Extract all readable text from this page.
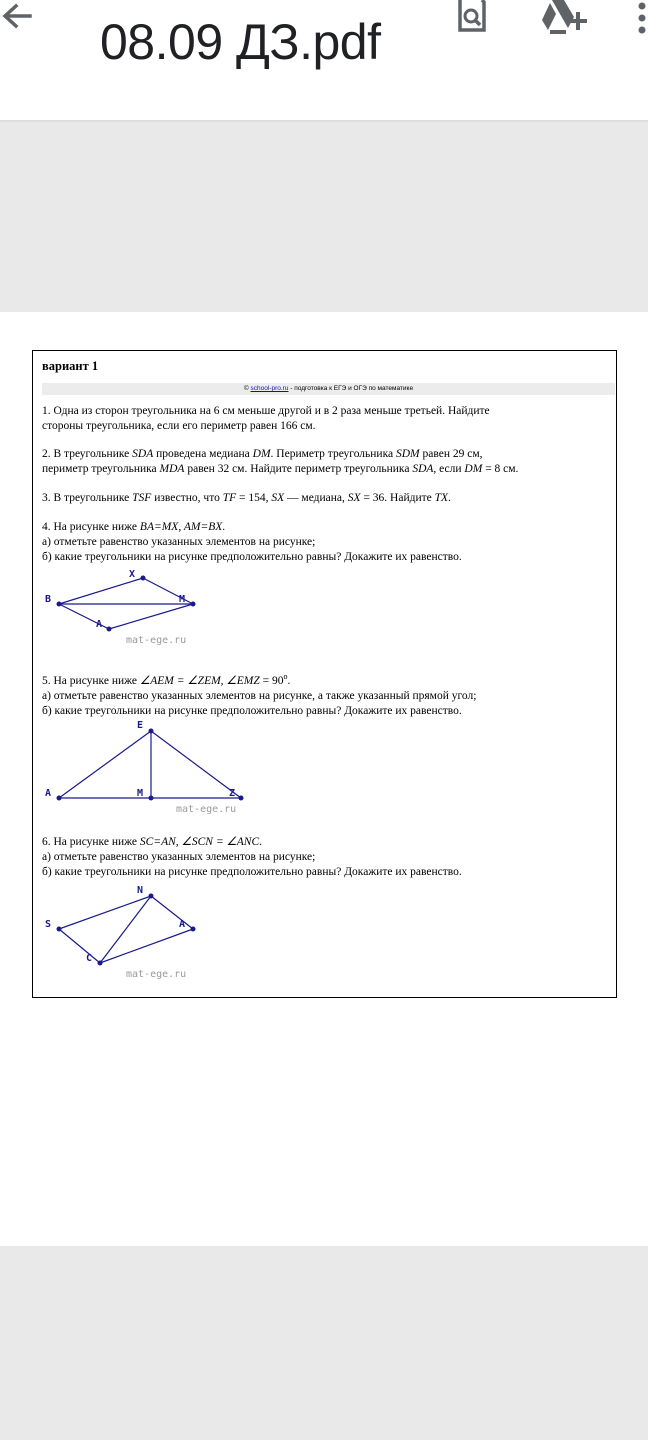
08.09 ДЗ.pdf
вариант 1
© school-pro.ru - подготовка к ЕГЭ и ОГЭ по математике
1. Одна из сторон треугольника на 6 см меньше другой и в 2 раза меньше третьей. Найдите
стороны треугольника, если его периметр равен 166 см.
2. В треугольнике SDA проведена медиана DM. Периметр треугольника SDM равен 29 см,
периметр треугольника MDA равен 32 см. Найдите периметр треугольника SDA, если DM = 8 см.
3. В треугольнике TSF известно, что TF = 154, SX — медиана, SX = 36. Найдите TX.
4. На рисунке ниже BA=MX, AM=BX.
а) отметьте равенство указанных элементов на рисунке;
б) какие треугольники на рисунке предположительно равны? Докажите их равенство.
X
B	M
A
mat-ege.ru
5. На рисунке ниже ∠AEM = ∠ZEM, ∠EMZ = $90^o$.
а) отметьте равенство указанных элементов на рисунке, а также указанный прямой угол;
б) какие треугольники на рисунке предположительно равны? Докажите их равенство.
E
A	M	Z
mat-ege.ru
6. На рисунке ниже SC=AN, ∠SCN = ∠ANC.
а) отметьте равенство указанных элементов на рисунке;
б) какие треугольники на рисунке предположительно равны? Докажите их равенство.
N
S	A
C
mat-ege.ru
